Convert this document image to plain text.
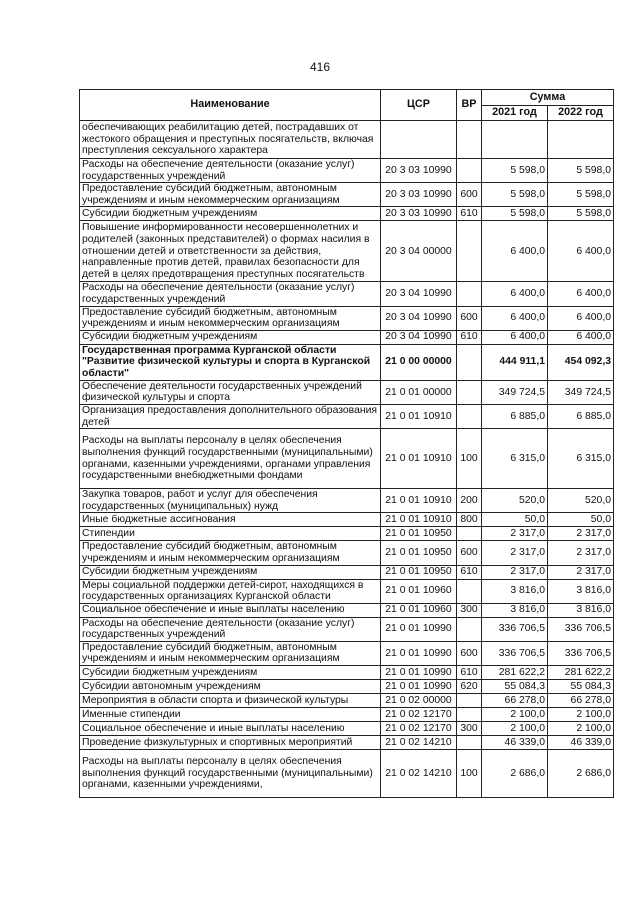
416
Наименование	ЦСР	ВР	Сумма	
			2021 год	2022 год
обеспечивающих реабилитацию детей, пострадавших от жестокого обращения и преступных посягательств, включая преступления сексуального характера				
Расходы на обеспечение деятельности (оказание услуг) государственных учреждений	20 3 03 10990		5 598,0	5 598,0
Предоставление субсидий бюджетным, автономным учреждениям и иным некоммерческим организациям	20 3 03 10990	600	5 598,0	5 598,0
Субсидии бюджетным учреждениям	20 3 03 10990	610	5 598,0	5 598,0
Повышение информированности несовершеннолетних и родителей (законных представителей) о формах насилия в отношении детей и ответственности за действия, направленные против детей, правилах безопасности для детей в целях предотвращения преступных посягательств	20 3 04 00000		6 400,0	6 400,0
Расходы на обеспечение деятельности (оказание услуг) государственных учреждений	20 3 04 10990		6 400,0	6 400,0
Предоставление субсидий бюджетным, автономным учреждениям и иным некоммерческим организациям	20 3 04 10990	600	6 400,0	6 400,0
Субсидии бюджетным учреждениям	20 3 04 10990	610	6 400,0	6 400,0
Государственная программа Курганской области "Развитие физической культуры и спорта в Курганской области"	21 0 00 00000		444 911,1	454 092,3
Обеспечение деятельности государственных учреждений физической культуры и спорта	21 0 01 00000		349 724,5	349 724,5
Организация предоставления дополнительного образования детей	21 0 01 10910		6 885,0	6 885,0
Расходы на выплаты персоналу в целях обеспечения выполнения функций государственными (муниципальными) органами, казенными учреждениями, органами управления государственными внебюджетными фондами	21 0 01 10910	100	6 315,0	6 315,0
Закупка товаров, работ и услуг для обеспечения государственных (муниципальных) нужд	21 0 01 10910	200	520,0	520,0
Иные бюджетные ассигнования	21 0 01 10910	800	50,0	50,0
Стипендии	21 0 01 10950		2 317,0	2 317,0
Предоставление субсидий бюджетным, автономным учреждениям и иным некоммерческим организациям	21 0 01 10950	600	2 317,0	2 317,0
Субсидии бюджетным учреждениям	21 0 01 10950	610	2 317,0	2 317,0
Меры социальной поддержки детей-сирот, находящихся в государственных организациях Курганской области	21 0 01 10960		3 816,0	3 816,0
Социальное обеспечение и иные выплаты населению	21 0 01 10960	300	3 816,0	3 816,0
Расходы на обеспечение деятельности (оказание услуг) государственных учреждений	21 0 01 10990		336 706,5	336 706,5
Предоставление субсидий бюджетным, автономным учреждениям и иным некоммерческим организациям	21 0 01 10990	600	336 706,5	336 706,5
Субсидии бюджетным учреждениям	21 0 01 10990	610	281 622,2	281 622,2
Субсидии автономным учреждениям	21 0 01 10990	620	55 084,3	55 084,3
Мероприятия в области спорта и физической культуры	21 0 02 00000		66 278,0	66 278,0
Именные стипендии	21 0 02 12170		2 100,0	2 100,0
Социальное обеспечение и иные выплаты населению	21 0 02 12170	300	2 100,0	2 100,0
Проведение физкультурных и спортивных мероприятий	21 0 02 14210		46 339,0	46 339,0
Расходы на выплаты персоналу в целях обеспечения выполнения функций государственными (муниципальными) органами, казенными учреждениями,	21 0 02 14210	100	2 686,0	2 686,0
